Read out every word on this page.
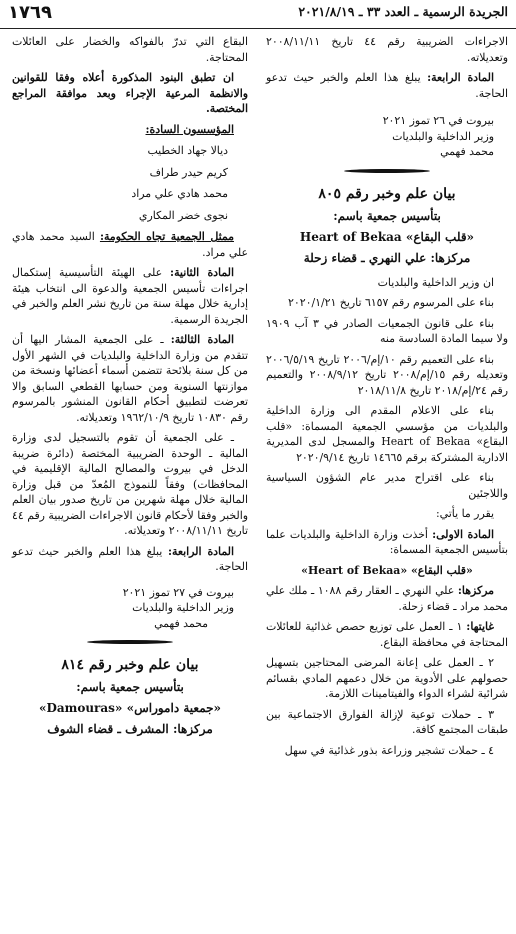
الجريدة الرسمية ـ العدد ٣٣ ـ ٢٠٢١/٨/١٩
١٧٦٩

الاجراءات الضريبية رقم ٤٤ تاريخ ٢٠٠٨/١١/١١ وتعديلاته.

المادة الرابعة: يبلغ هذا العلم والخبر حيث تدعو الحاجة.

بيروت في ٢٦ تموز ٢٠٢١

وزير الداخلية والبلديات

محمد فهمي

بيان علم وخبر رقم ٨٠٥
بتأسيس جمعية باسم:
«قلب البقاع» Heart of Bekaa
مركزها: علي النهري ـ قضاء زحلة

ان وزير الداخلية والبلديات

بناء على المرسوم رقم ٦١٥٧ تاريخ ٢٠٢٠/١/٢١

بناء على قانون الجمعيات الصادر في ٣ آب ١٩٠٩ ولا سيما المادة السادسة منه

بناء على التعميم رقم ١٠/إم/٢٠٠٦ تاريخ ٢٠٠٦/٥/١٩ وتعديله رقم ١٥/إم/٢٠٠٨ تاريخ ٢٠٠٨/٩/١٢ والتعميم رقم ٢٤/إم/٢٠١٨ تاريخ ٢٠١٨/١١/٨

بناء على الاعلام المقدم الى وزارة الداخلية والبلديات من مؤسسي الجمعية المسماة: «قلب البقاع» Heart of Bekaa والمسجل لدى المديرية الادارية المشتركة برقم ١٤٦٦٥ تاريخ ٢٠٢٠/٩/١٤

بناء على اقتراح مدير عام الشؤون السياسية واللاجئين

يقرر ما يأتي:

المادة الاولى: أخذت وزارة الداخلية والبلديات علما بتأسيس الجمعية المسماة:

«قلب البقاع» «Heart of Bekaa»

مركزها: علي النهري ـ العقار رقم ١٠٨٨ ـ ملك علي محمد مراد ـ قضاء زحلة.

غايتها: ١ ـ العمل على توزيع حصص غذائية للعائلات المحتاجة في محافظة البقاع.

٢ ـ العمل على إعانة المرضى المحتاجين بتسهيل حصولهم على الأدوية من خلال دعمهم المادي بقسائم شرائية لشراء الدواء والفيتامينات اللازمة.

٣ ـ حملات توعية لإزالة الفوارق الاجتماعية بين طبقات المجتمع كافة.

٤ ـ حملات تشجير وزراعة بذور غذائية في سهل

البقاع التي تدرّ بالفواكه والخضار على العائلات المحتاجة.

ان تطبق البنود المذكورة أعلاه وفقا للقوانين والانظمة المرعية الإجراء وبعد موافقة المراجع المختصة.

المؤسسون السادة:

ديالا جهاد الخطيب
كريم حيدر طراف
محمد هادي علي مراد
نجوى خضر المكاري

ممثل الجمعية تجاه الحكومة: السيد محمد هادي علي مراد.

المادة الثانية: على الهيئة التأسيسية إستكمال اجراءات تأسيس الجمعية والدعوة الى انتخاب هيئة إدارية خلال مهلة سنة من تاريخ نشر العلم والخبر في الجريدة الرسمية.

المادة الثالثة: ـ على الجمعية المشار اليها أن تتقدم من وزارة الداخلية والبلديات في الشهر الأول من كل سنة بلائحة تتضمن أسماء أعضائها ونسخة من موازنتها السنوية ومن حسابها القطعي السابق والا تعرضت لتطبيق أحكام القانون المنشور بالمرسوم رقم ١٠٨٣٠ تاريخ ١٩٦٢/١٠/٩ وتعديلاته.

ـ على الجمعية أن تقوم بالتسجيل لدى وزارة المالية ـ الوحدة الضريبية المختصة (دائرة ضريبة الدخل في بيروت والمصالح المالية الإقليمية في المحافظات) وفقاً للنموذج المُعدّ من قبل وزارة المالية خلال مهلة شهرين من تاريخ صدور بيان العلم والخبر وفقا لأحكام قانون الاجراءات الضريبية رقم ٤٤ تاريخ ٢٠٠٨/١١/١١ وتعديلاته.

المادة الرابعة: يبلغ هذا العلم والخبر حيث تدعو الحاجة.

بيروت في ٢٧ تموز ٢٠٢١

وزير الداخلية والبلديات

محمد فهمي

بيان علم وخبر رقم ٨١٤
بتأسيس جمعية باسم:
«جمعية داموراس» «Damouras»
مركزها: المشرف ـ قضاء الشوف
